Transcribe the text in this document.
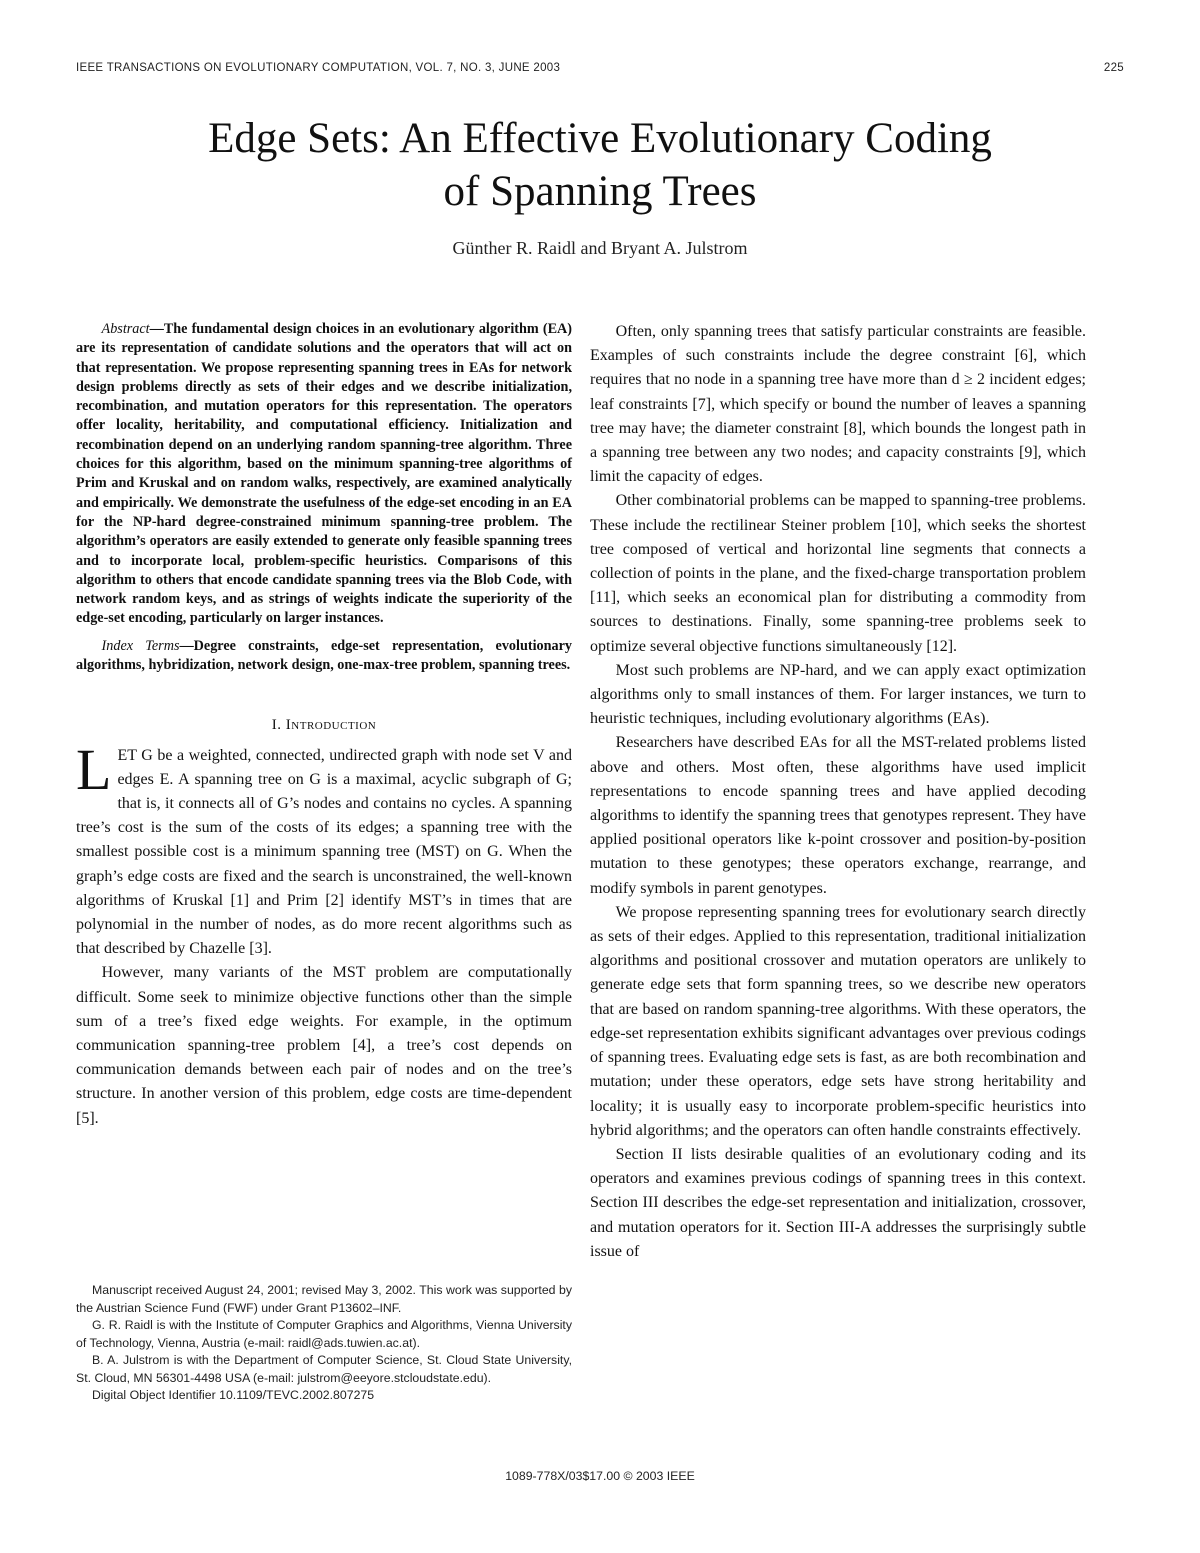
IEEE TRANSACTIONS ON EVOLUTIONARY COMPUTATION, VOL. 7, NO. 3, JUNE 2003	225
Edge Sets: An Effective Evolutionary Coding
of Spanning Trees
Günther R. Raidl and Bryant A. Julstrom

Abstract—The fundamental design choices in an evolutionary algorithm (EA) are its representation of candidate solutions and the operators that will act on that representation. We propose representing spanning trees in EAs for network design problems directly as sets of their edges and we describe initialization, recombination, and mutation operators for this representation. The operators offer locality, heritability, and computational efficiency. Initialization and recombination depend on an underlying random spanning-tree algorithm. Three choices for this algorithm, based on the minimum spanning-tree algorithms of Prim and Kruskal and on random walks, respectively, are examined analytically and empirically. We demonstrate the usefulness of the edge-set encoding in an EA for the NP-hard degree-constrained minimum spanning-tree problem. The algorithm’s operators are easily extended to generate only feasible spanning trees and to incorporate local, problem-specific heuristics. Comparisons of this algorithm to others that encode candidate spanning trees via the Blob Code, with network random keys, and as strings of weights indicate the superiority of the edge-set encoding, particularly on larger instances.

Index Terms—Degree constraints, edge-set representation, evolutionary algorithms, hybridization, network design, one-max-tree problem, spanning trees.

I. Introduction

LET G be a weighted, connected, undirected graph with node set V and edges E. A spanning tree on G is a maximal, acyclic subgraph of G; that is, it connects all of G’s nodes and contains no cycles. A spanning tree’s cost is the sum of the costs of its edges; a spanning tree with the smallest possible cost is a minimum spanning tree (MST) on G. When the graph’s edge costs are fixed and the search is unconstrained, the well-known algorithms of Kruskal [1] and Prim [2] identify MST’s in times that are polynomial in the number of nodes, as do more recent algorithms such as that described by Chazelle [3].

However, many variants of the MST problem are computationally difficult. Some seek to minimize objective functions other than the simple sum of a tree’s fixed edge weights. For example, in the optimum communication spanning-tree problem [4], a tree’s cost depends on communication demands between each pair of nodes and on the tree’s structure. In another version of this problem, edge costs are time-dependent [5].

Manuscript received August 24, 2001; revised May 3, 2002. This work was supported by the Austrian Science Fund (FWF) under Grant P13602–INF.

G. R. Raidl is with the Institute of Computer Graphics and Algorithms, Vienna University of Technology, Vienna, Austria (e-mail: raidl@ads.tuwien.ac.at).

B. A. Julstrom is with the Department of Computer Science, St. Cloud State University, St. Cloud, MN 56301-4498 USA (e-mail: julstrom@eeyore.stcloudstate.edu).

Digital Object Identifier 10.1109/TEVC.2002.807275

Often, only spanning trees that satisfy particular constraints are feasible. Examples of such constraints include the degree constraint [6], which requires that no node in a spanning tree have more than d ≥ 2 incident edges; leaf constraints [7], which specify or bound the number of leaves a spanning tree may have; the diameter constraint [8], which bounds the longest path in a spanning tree between any two nodes; and capacity constraints [9], which limit the capacity of edges.

Other combinatorial problems can be mapped to spanning-tree problems. These include the rectilinear Steiner problem [10], which seeks the shortest tree composed of vertical and horizontal line segments that connects a collection of points in the plane, and the fixed-charge transportation problem [11], which seeks an economical plan for distributing a commodity from sources to destinations. Finally, some spanning-tree problems seek to optimize several objective functions simultaneously [12].

Most such problems are NP-hard, and we can apply exact optimization algorithms only to small instances of them. For larger instances, we turn to heuristic techniques, including evolutionary algorithms (EAs).

Researchers have described EAs for all the MST-related problems listed above and others. Most often, these algorithms have used implicit representations to encode spanning trees and have applied decoding algorithms to identify the spanning trees that genotypes represent. They have applied positional operators like k-point crossover and position-by-position mutation to these genotypes; these operators exchange, rearrange, and modify symbols in parent genotypes.

We propose representing spanning trees for evolutionary search directly as sets of their edges. Applied to this representation, traditional initialization algorithms and positional crossover and mutation operators are unlikely to generate edge sets that form spanning trees, so we describe new operators that are based on random spanning-tree algorithms. With these operators, the edge-set representation exhibits significant advantages over previous codings of spanning trees. Evaluating edge sets is fast, as are both recombination and mutation; under these operators, edge sets have strong heritability and locality; it is usually easy to incorporate problem-specific heuristics into hybrid algorithms; and the operators can often handle constraints effectively.

Section II lists desirable qualities of an evolutionary coding and its operators and examines previous codings of spanning trees in this context. Section III describes the edge-set representation and initialization, crossover, and mutation operators for it. Section III-A addresses the surprisingly subtle issue of

1089-778X/03$17.00 © 2003 IEEE
